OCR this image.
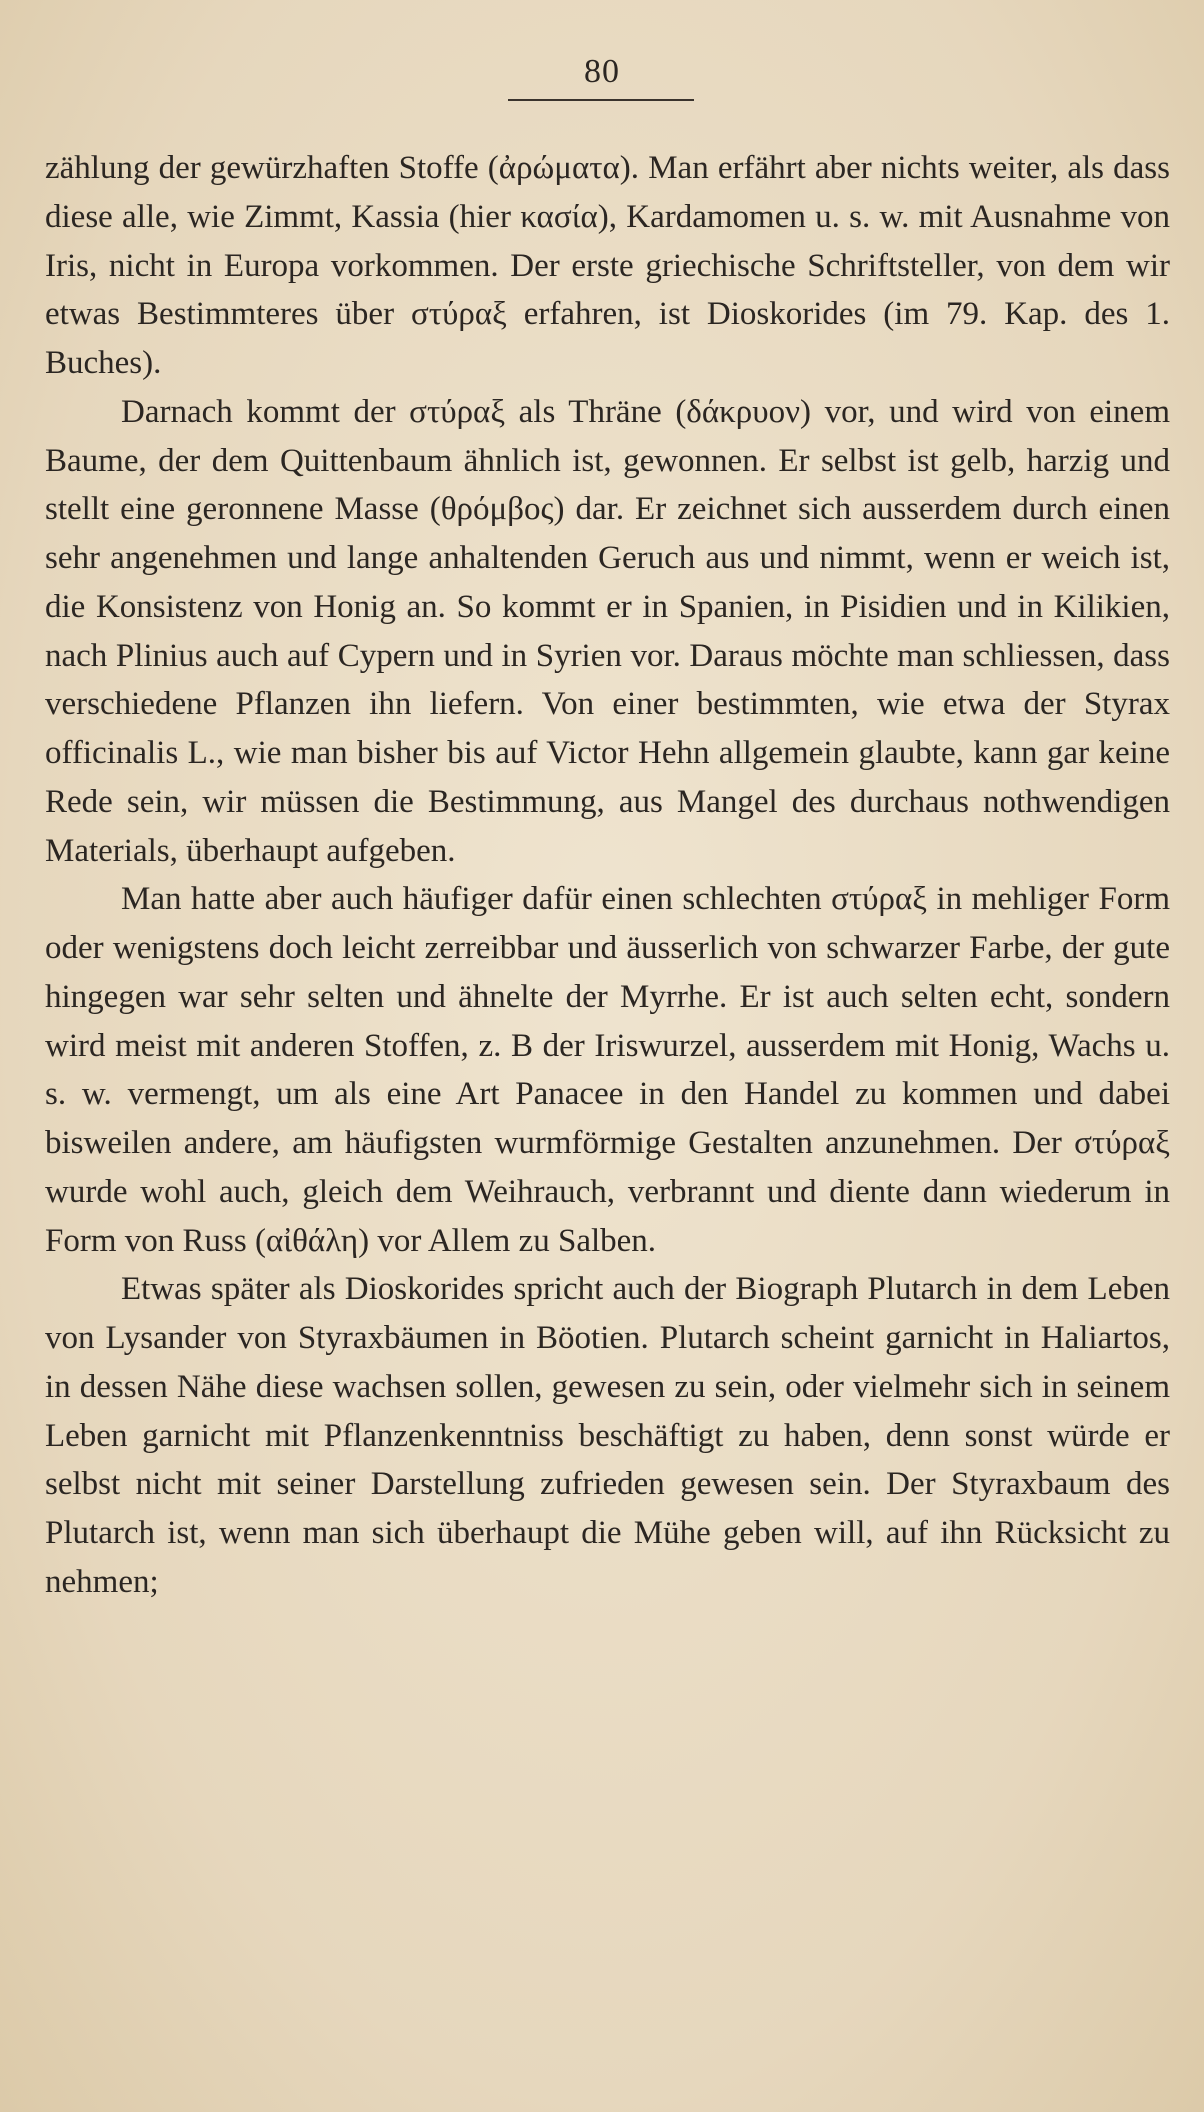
80

zählung der gewürzhaften Stoffe (ἀρώματα). Man erfährt aber nichts weiter, als dass diese alle, wie Zimmt, Kassia (hier κασία), Kardamomen u. s. w. mit Ausnahme von Iris, nicht in Europa vorkommen. Der erste griechische Schriftsteller, von dem wir etwas Bestimmteres über στύραξ erfahren, ist Dioskorides (im 79. Kap. des 1. Buches).

Darnach kommt der στύραξ als Thräne (δάκρυον) vor, und wird von einem Baume, der dem Quittenbaum ähnlich ist, gewonnen. Er selbst ist gelb, harzig und stellt eine geronnene Masse (θρόμβος) dar. Er zeichnet sich ausserdem durch einen sehr angenehmen und lange anhaltenden Geruch aus und nimmt, wenn er weich ist, die Konsistenz von Honig an. So kommt er in Spanien, in Pisidien und in Kilikien, nach Plinius auch auf Cypern und in Syrien vor. Daraus möchte man schliessen, dass verschiedene Pflanzen ihn liefern. Von einer bestimmten, wie etwa der Styrax officinalis L., wie man bisher bis auf Victor Hehn allgemein glaubte, kann gar keine Rede sein, wir müssen die Bestimmung, aus Mangel des durchaus nothwendigen Materials, überhaupt aufgeben.

Man hatte aber auch häufiger dafür einen schlechten στύραξ in mehliger Form oder wenigstens doch leicht zerreibbar und äusserlich von schwarzer Farbe, der gute hingegen war sehr selten und ähnelte der Myrrhe. Er ist auch selten echt, sondern wird meist mit anderen Stoffen, z. B der Iriswurzel, ausserdem mit Honig, Wachs u. s. w. vermengt, um als eine Art Panacee in den Handel zu kommen und dabei bisweilen andere, am häufigsten wurmförmige Gestalten anzunehmen. Der στύραξ wurde wohl auch, gleich dem Weihrauch, verbrannt und diente dann wiederum in Form von Russ (αἰθάλη) vor Allem zu Salben.

Etwas später als Dioskorides spricht auch der Biograph Plutarch in dem Leben von Lysander von Styraxbäumen in Böotien. Plutarch scheint garnicht in Haliartos, in dessen Nähe diese wachsen sollen, gewesen zu sein, oder vielmehr sich in seinem Leben garnicht mit Pflanzenkenntniss beschäftigt zu haben, denn sonst würde er selbst nicht mit seiner Darstellung zufrieden gewesen sein. Der Styraxbaum des Plutarch ist, wenn man sich überhaupt die Mühe geben will, auf ihn Rücksicht zu nehmen;
